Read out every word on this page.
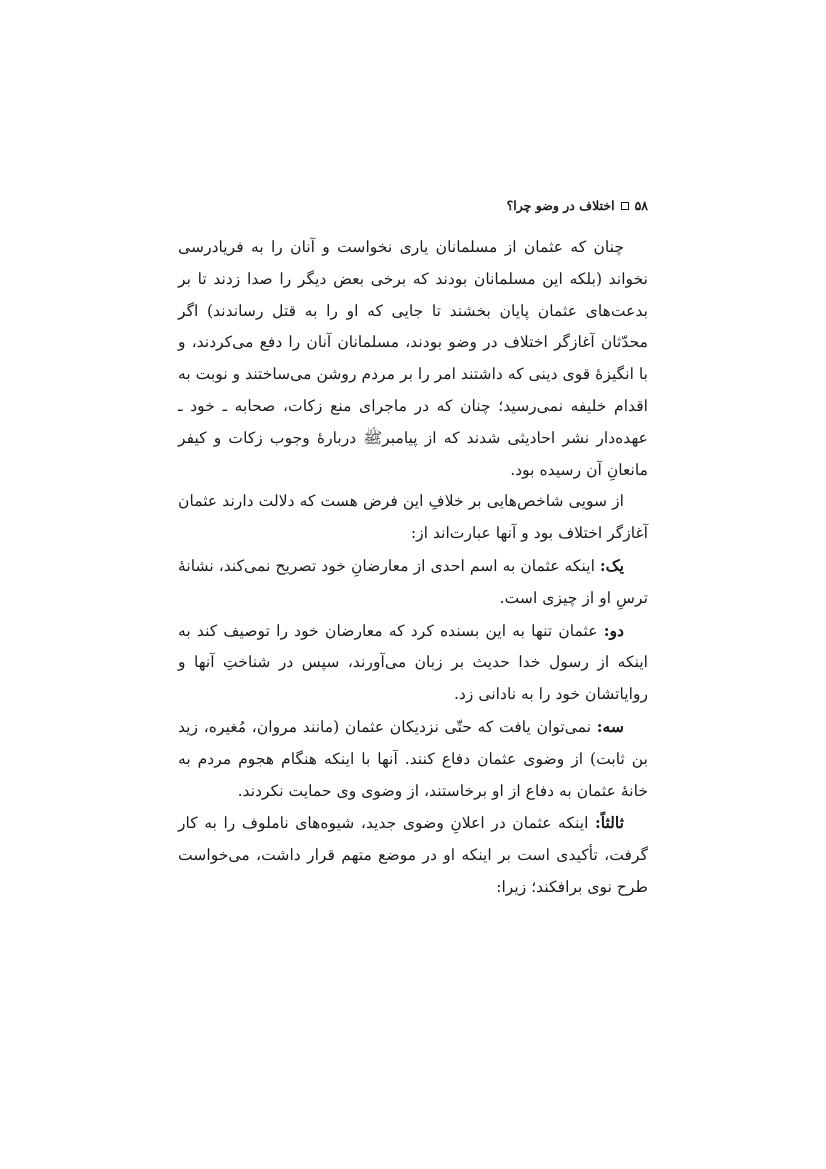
۵۸
اختلاف در وضو چرا؟

چنان که عثمان از مسلمانان یاری نخواست و آنان را به فریادرسی نخواند (بلکه این مسلمانان بودند که برخی بعض دیگر را صدا زدند تا بر بدعت‌های عثمان پایان بخشند تا جایی که او را به قتل رساندند) اگر محدّثان آغازگر اختلاف در وضو بودند، مسلمانان آنان را دفع می‌کردند، و با انگیزهٔ قوی دینی که داشتند امر را بر مردم روشن می‌ساختند و نوبت به اقدام خلیفه نمی‌رسید؛ چنان که در ماجرای منع زکات، صحابه ـ خود ـ عهده‌دار نشر احادیثی شدند که از پیامبرﷺ دربارهٔ وجوب زکات و کیفر مانعانِ آن رسیده بود.

از سویی شاخص‌هایی بر خلافِ این فرض هست که دلالت دارند عثمان آغازگر اختلاف بود و آنها عبارت‌اند از:

یک: اینکه عثمان به اسم احدی از معارضانِ خود تصریح نمی‌کند، نشانهٔ ترسِ او از چیزی است.

دو: عثمان تنها به این بسنده کرد که معارضان خود را توصیف کند به اینکه از رسول خدا حدیث بر زبان می‌آورند، سپس در شناختِ آنها و روایاتشان خود را به نادانی زد.

سه: نمی‌توان یافت که حتّی نزدیکان عثمان (مانند مروان، مُغیره، زید بن ثابت) از وضوی عثمان دفاع کنند. آنها با اینکه هنگام هجوم مردم به خانهٔ عثمان به دفاع از او برخاستند، از وضوی وی حمایت نکردند.

ثالثاً: اینکه عثمان در اعلانِ وضوی جدید، شیوه‌های ناملوف را به کار گرفت، تأکیدی است بر اینکه او در موضع متهم قرار داشت، می‌خواست طرح نوی برافکند؛ زیرا:
